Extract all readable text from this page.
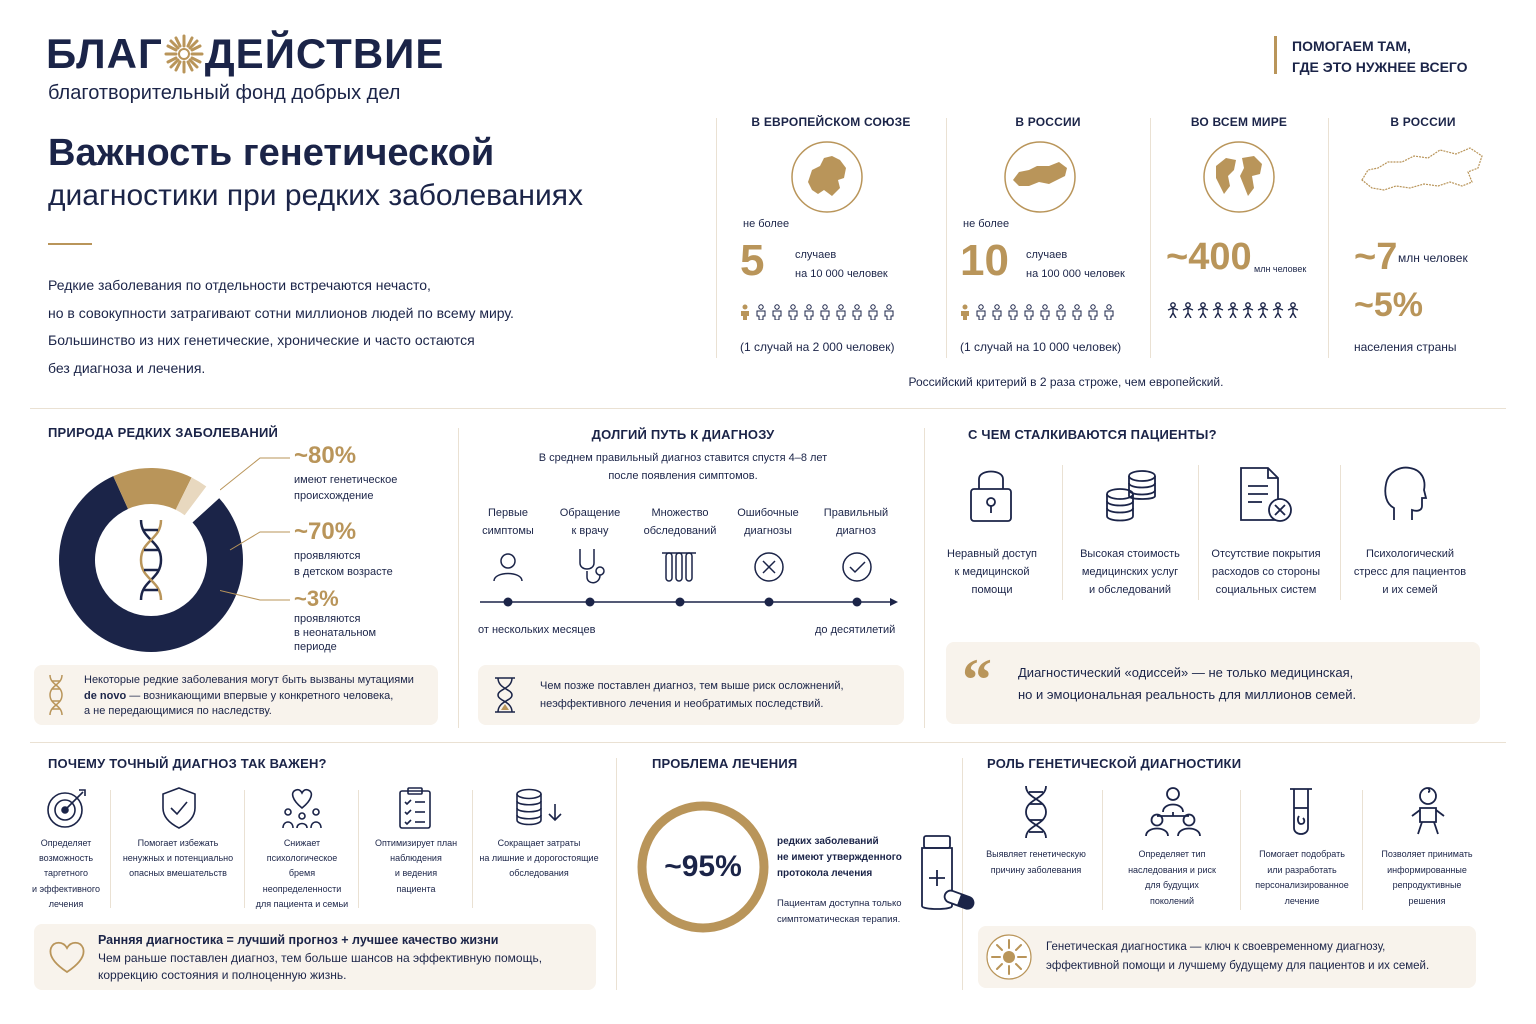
БЛАГ ДЕЙСТВИЕ
благотворительный фонд добрых дел
ПОМОГАЕМ ТАМ,
ГДЕ ЭТО НУЖНЕЕ ВСЕГО
Важность генетической
диагностики при редких заболеваниях
Редкие заболевания по отдельности встречаются нечасто,
но в совокупности затрагивают сотни миллионов людей по всему миру.
Большинство из них генетические, хронические и часто остаются
без диагноза и лечения.
В ЕВРОПЕЙСКОМ СОЮЗЕ
не более
5	случаев
на 10 000 человек
(1 случай на 2 000 человек)
В РОССИИ
не более
10 случаев
на 100 000 человек
(1 случай на 10 000 человек)
ВО ВСЕМ МИРЕ
~400 млн человек
В РОССИИ
~7 млн человек
~5%
населения страны
Российский критерий в 2 раза строже, чем европейский.
ПРИРОДА РЕДКИХ ЗАБОЛЕВАНИЙ
~80%
имеют генетическое
происхождение
~70%
проявляются
в детском возрасте
~3%
проявляются
в неонатальном
периоде
Некоторые редкие заболевания могут быть вызваны мутациями
de novo — возникающими впервые у конкретного человека,
а не передающимися по наследству.
ДОЛГИЙ ПУТЬ К ДИАГНОЗУ
В среднем правильный диагноз ставится спустя 4–8 лет
после появления симптомов.
Первые
симптомы
Обращение
к врачу
Множество
обследований
Ошибочные
диагнозы
Правильный
диагноз
от нескольких месяцев	до десятилетий
Чем позже поставлен диагноз, тем выше риск осложнений,
неэффективного лечения и необратимых последствий.
С ЧЕМ СТАЛКИВАЮТСЯ ПАЦИЕНТЫ?
Неравный доступ
к медицинской
помощи
Высокая стоимость
медицинских услуг
и обследований
Отсутствие покрытия
расходов со стороны
социальных систем
Психологический
стресс для пациентов
и их семей
“ Диагностический «одиссей» — не только медицинская,
но и эмоциональная реальность для миллионов семей.
ПОЧЕМУ ТОЧНЫЙ ДИАГНОЗ ТАК ВАЖЕН?
Определяет
возможность
таргетного
и эффективного
лечения
Помогает избежать
ненужных и потенциально
опасных вмешательств
Снижает
психологическое
бремя
неопределенности
для пациента и семьи
Оптимизирует план
наблюдения
и ведения
пациента
Сокращает затраты
на лишние и дорогостоящие
обследования
Ранняя диагностика = лучший прогноз + лучшее качество жизни
Чем раньше поставлен диагноз, тем больше шансов на эффективную помощь,
коррекцию состояния и полноценную жизнь.
ПРОБЛЕМА ЛЕЧЕНИЯ
~95%
редких заболеваний
не имеют утвержденного
протокола лечения
Пациентам доступна только
симптоматическая терапия.
РОЛЬ ГЕНЕТИЧЕСКОЙ ДИАГНОСТИКИ
Выявляет генетическую
причину заболевания
Определяет тип
наследования и риск
для будущих
поколений
Помогает подобрать
или разработать
персонализированное
лечение
Позволяет принимать
информированные
репродуктивные
решения
Генетическая диагностика — ключ к своевременному диагнозу,
эффективной помощи и лучшему будущему для пациентов и их семей.
